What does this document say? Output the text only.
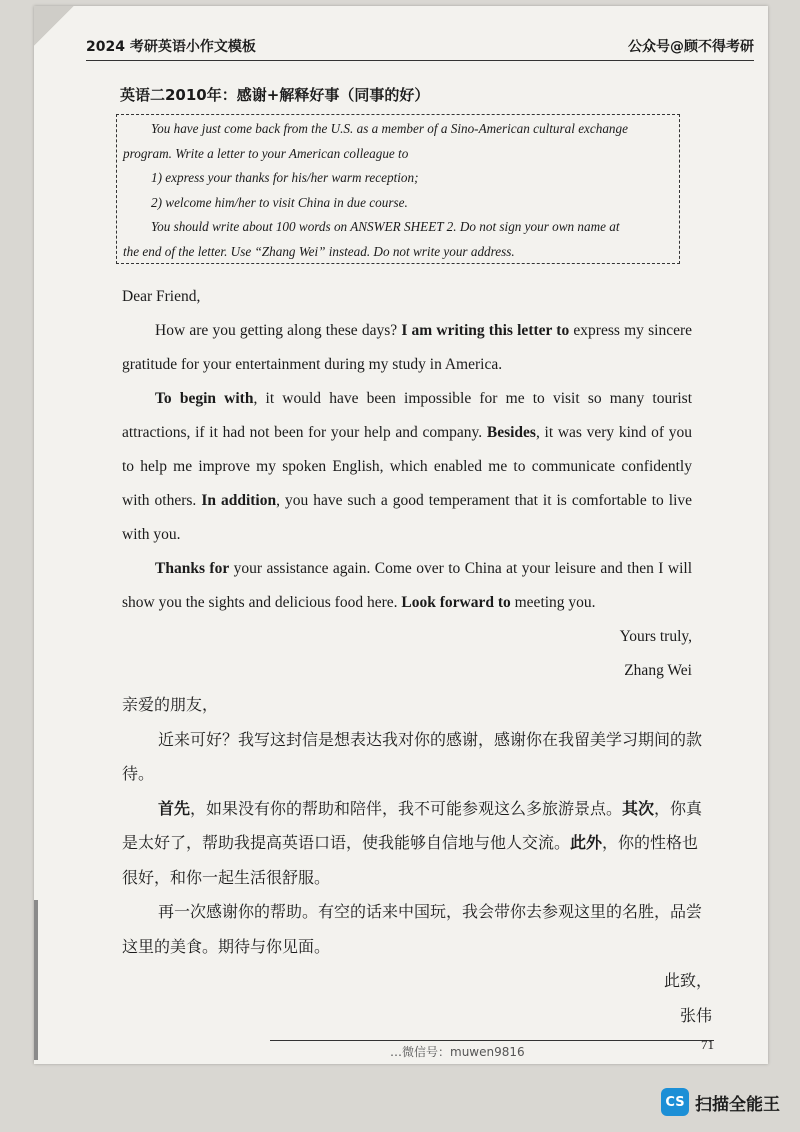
2024 考研英语小作文模板	公众号@顾不得考研
英语二2010年：感谢+解释好事（同事的好）

You have just come back from the U.S. as a member of a Sino-American cultural exchange

program. Write a letter to your American colleague to

1) express your thanks for his/her warm reception;

2) welcome him/her to visit China in due course.

You should write about 100 words on ANSWER SHEET 2. Do not sign your own name at

the end of the letter. Use “Zhang Wei” instead. Do not write your address.

Dear Friend,

How are you getting along these days? I am writing this letter to express my sincere gratitude for your entertainment during my study in America.

To begin with, it would have been impossible for me to visit so many tourist attractions, if it had not been for your help and company. Besides, it was very kind of you to help me improve my spoken English, which enabled me to communicate confidently with others. In addition, you have such a good temperament that it is comfortable to live with you.

Thanks for your assistance again. Come over to China at your leisure and then I will show you the sights and delicious food here. Look forward to meeting you.

Yours truly,

Zhang Wei

亲爱的朋友，

近来可好？我写这封信是想表达我对你的感谢，感谢你在我留美学习期间的款待。

首先，如果没有你的帮助和陪伴，我不可能参观这么多旅游景点。其次，你真是太好了，帮助我提高英语口语，使我能够自信地与他人交流。此外，你的性格也很好，和你一起生活很舒服。

再一次感谢你的帮助。有空的话来中国玩，我会带你去参观这里的名胜，品尝这里的美食。期待与你见面。

此致，

张伟

…微信号：muwen9816	71
CS 扫描全能王
